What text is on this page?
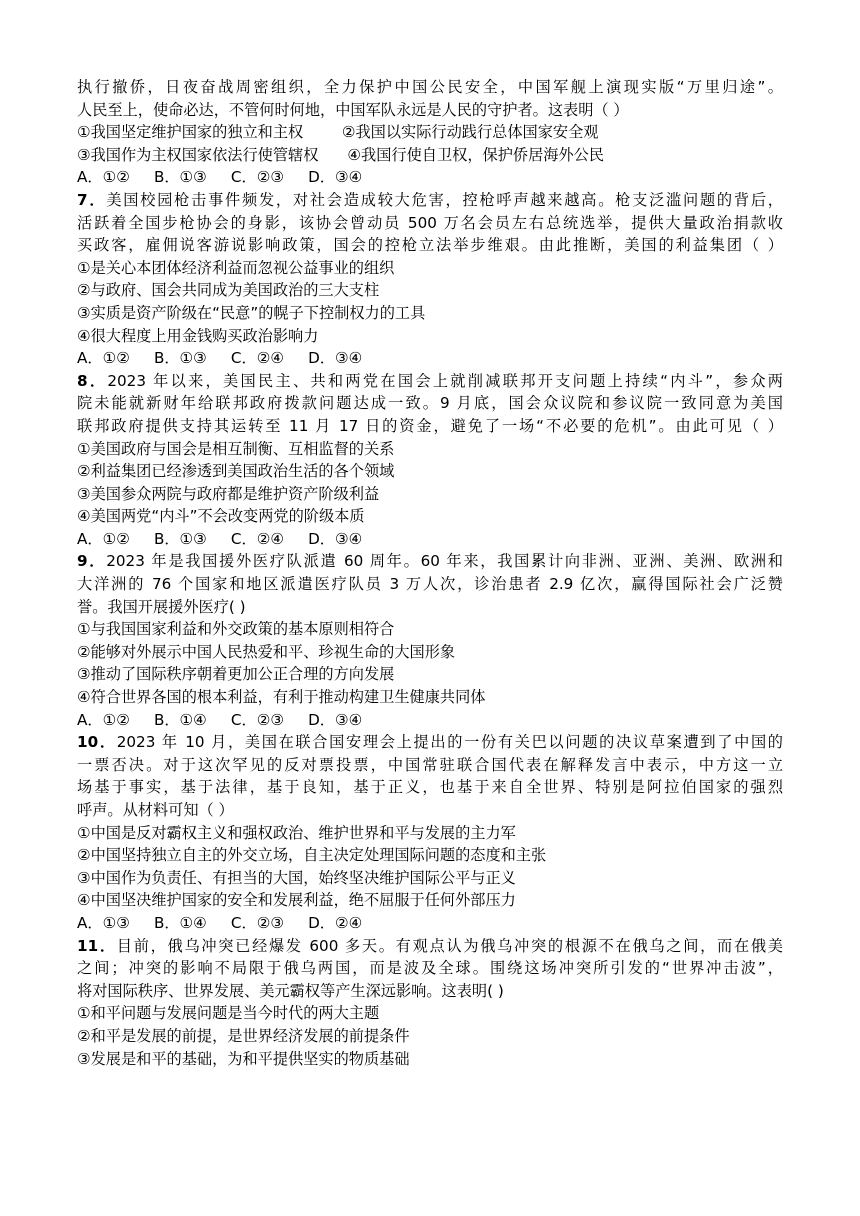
执行撤侨，日夜奋战周密组织，全力保护中国公民安全，中国军舰上演现实版“万里归途”。
人民至上，使命必达，不管何时何地，中国军队永远是人民的守护者。这表明（ ）
①我国坚定维护国家的独立和主权        ②我国以实际行动践行总体国家安全观
③我国作为主权国家依法行使管辖权      ④我国行使自卫权，保护侨居海外公民
A．①②     B．①③     C．②③     D．③④
7．美国校园枪击事件频发，对社会造成较大危害，控枪呼声越来越高。枪支泛滥问题的背后，
活跃着全国步枪协会的身影，该协会曾动员 500 万名会员左右总统选举，提供大量政治捐款收
买政客，雇佣说客游说影响政策，国会的控枪立法举步维艰。由此推断，美国的利益集团（ ）
①是关心本团体经济利益而忽视公益事业的组织
②与政府、国会共同成为美国政治的三大支柱
③实质是资产阶级在“民意”的幌子下控制权力的工具
④很大程度上用金钱购买政治影响力
A．①②     B．①③     C．②④     D．③④
8．2023 年以来，美国民主、共和两党在国会上就削减联邦开支问题上持续“内斗”，参众两
院未能就新财年给联邦政府拨款问题达成一致。9 月底，国会众议院和参议院一致同意为美国
联邦政府提供支持其运转至 11 月 17 日的资金，避免了一场“不必要的危机”。由此可见（ ）
①美国政府与国会是相互制衡、互相监督的关系
②利益集团已经渗透到美国政治生活的各个领域
③美国参众两院与政府都是维护资产阶级利益
④美国两党“内斗”不会改变两党的阶级本质
A．①②     B．①③     C．②④     D．③④
9．2023 年是我国援外医疗队派遣 60 周年。60 年来，我国累计向非洲、亚洲、美洲、欧洲和
大洋洲的 76 个国家和地区派遣医疗队员 3 万人次，诊治患者 2.9 亿次，赢得国际社会广泛赞
誉。我国开展援外医疗( )
①与我国国家利益和外交政策的基本原则相符合
②能够对外展示中国人民热爱和平、珍视生命的大国形象
③推动了国际秩序朝着更加公正合理的方向发展
④符合世界各国的根本利益，有利于推动构建卫生健康共同体
A．①②     B．①④     C．②③     D．③④
10．2023 年 10 月，美国在联合国安理会上提出的一份有关巴以问题的决议草案遭到了中国的
一票否决。对于这次罕见的反对票投票，中国常驻联合国代表在解释发言中表示，中方这一立
场基于事实，基于法律，基于良知，基于正义，也基于来自全世界、特别是阿拉伯国家的强烈
呼声。从材料可知（ ）
①中国是反对霸权主义和强权政治、维护世界和平与发展的主力军
②中国坚持独立自主的外交立场，自主决定处理国际问题的态度和主张
③中国作为负责任、有担当的大国，始终坚决维护国际公平与正义
④中国坚决维护国家的安全和发展利益，绝不屈服于任何外部压力
A．①③     B．①④     C．②③     D．②④
11．目前，俄乌冲突已经爆发 600 多天。有观点认为俄乌冲突的根源不在俄乌之间，而在俄美
之间；冲突的影响不局限于俄乌两国，而是波及全球。围绕这场冲突所引发的“世界冲击波”，
将对国际秩序、世界发展、美元霸权等产生深远影响。这表明( )
①和平问题与发展问题是当今时代的两大主题
②和平是发展的前提，是世界经济发展的前提条件
③发展是和平的基础，为和平提供坚实的物质基础
